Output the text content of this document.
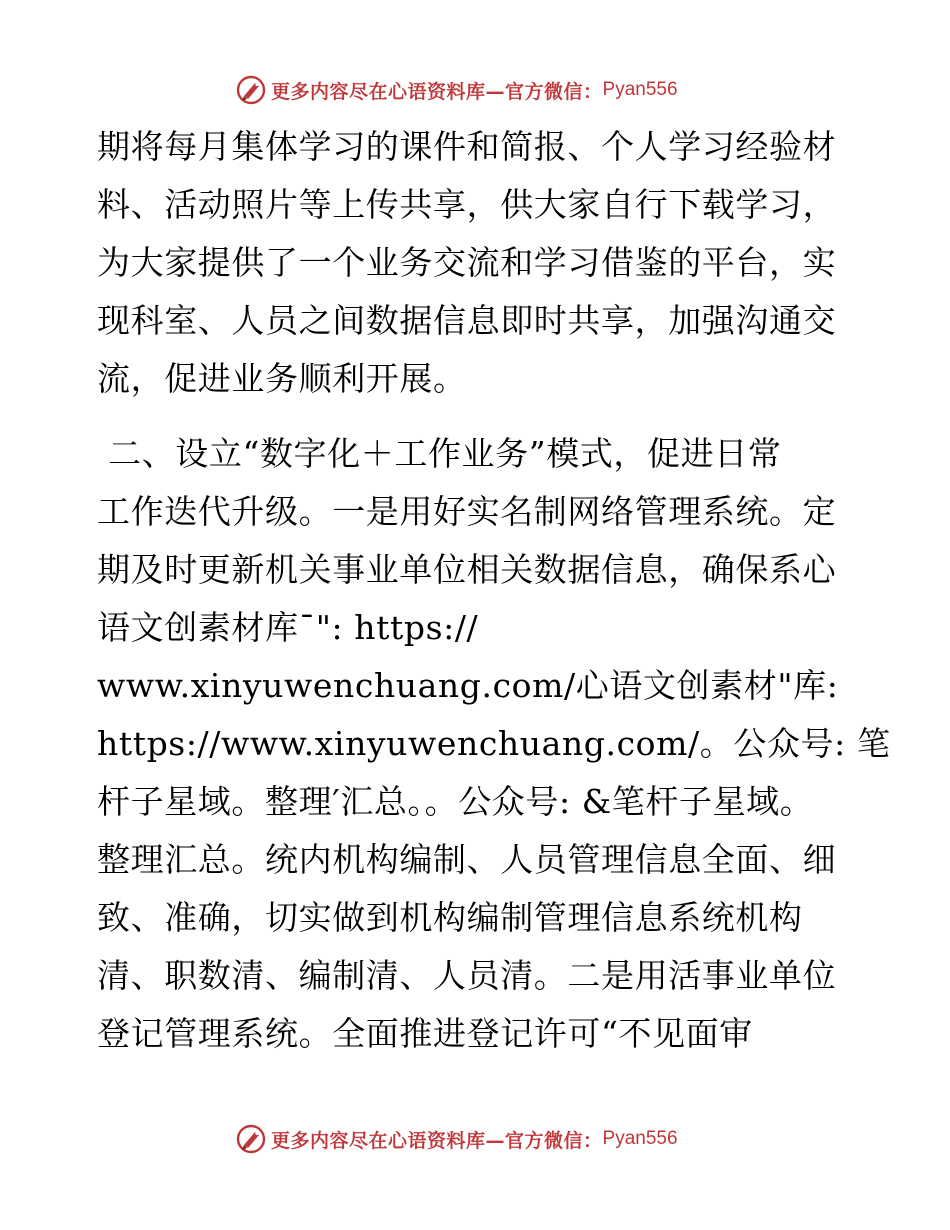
更多内容尽在心语资料库—官方微信： Pyan556
期将每月集体学习的课件和简报、个人学习经验材
料、活动照片等上传共享，供大家自行下载学习，
为大家提供了一个业务交流和学习借鉴的平台，实
现科室、人员之间数据信息即时共享，加强沟通交
流，促进业务顺利开展。
二、设立“数字化＋工作业务”模式，促进日常
工作迭代升级。一是用好实名制网络管理系统。定
期及时更新机关事业单位相关数据信息，确保系心
语文创素材库¯": https://
www.xinyuwenchuang.com/心语文创素材"库:
https://www.xinyuwenchuang.com/。公众号: 笔
杆子星域。整理′汇总。。公众号: &笔杆子星域。
整理汇总。统内机构编制、人员管理信息全面、细
致、准确，切实做到机构编制管理信息系统机构
清、职数清、编制清、人员清。二是用活事业单位
登记管理系统。全面推进登记许可“不见面审
更多内容尽在心语资料库—官方微信： Pyan556
